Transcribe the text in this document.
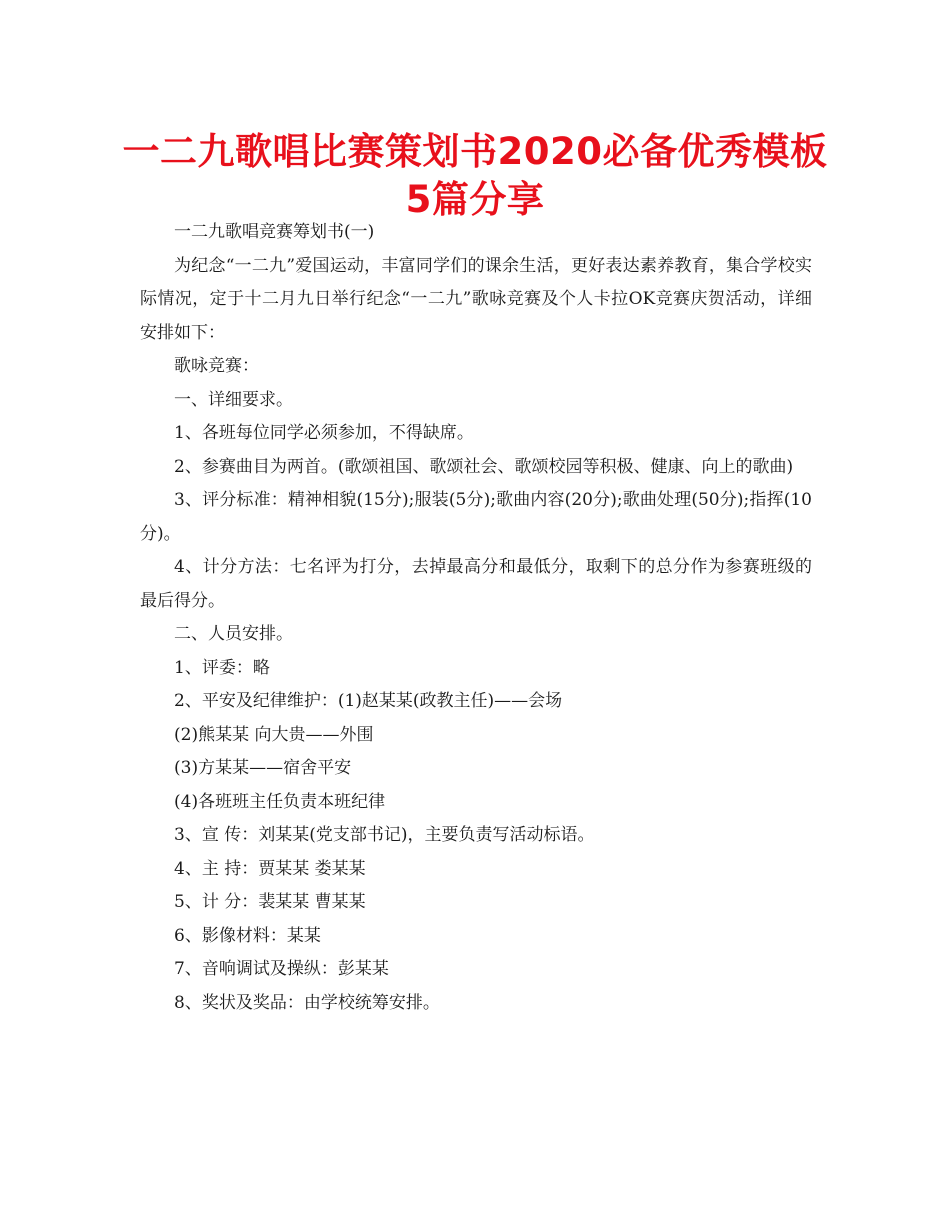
一二九歌唱比赛策划书2020必备优秀模板
5篇分享

一二九歌唱竞赛筹划书(一)

为纪念“一二九”爱国运动，丰富同学们的课余生活，更好表达素养教育，集合学校实际情况，定于十二月九日举行纪念“一二九”歌咏竞赛及个人卡拉OK竞赛庆贺活动，详细安排如下：

歌咏竞赛：

一、详细要求。

1、各班每位同学必须参加，不得缺席。

2、参赛曲目为两首。(歌颂祖国、歌颂社会、歌颂校园等积极、健康、向上的歌曲)

3、评分标准：精神相貌(15分);服装(5分);歌曲内容(20分);歌曲处理(50分);指挥(10分)。

4、计分方法：七名评为打分，去掉最高分和最低分，取剩下的总分作为参赛班级的最后得分。

二、人员安排。

1、评委：略

2、平安及纪律维护：(1)赵某某(政教主任)——会场

(2)熊某某 向大贵——外围

(3)方某某——宿舍平安

(4)各班班主任负责本班纪律

3、宣 传：刘某某(党支部书记)，主要负责写活动标语。

4、主 持：贾某某 娄某某

5、计 分：裴某某 曹某某

6、影像材料：某某

7、音响调试及操纵：彭某某

8、奖状及奖品：由学校统筹安排。
